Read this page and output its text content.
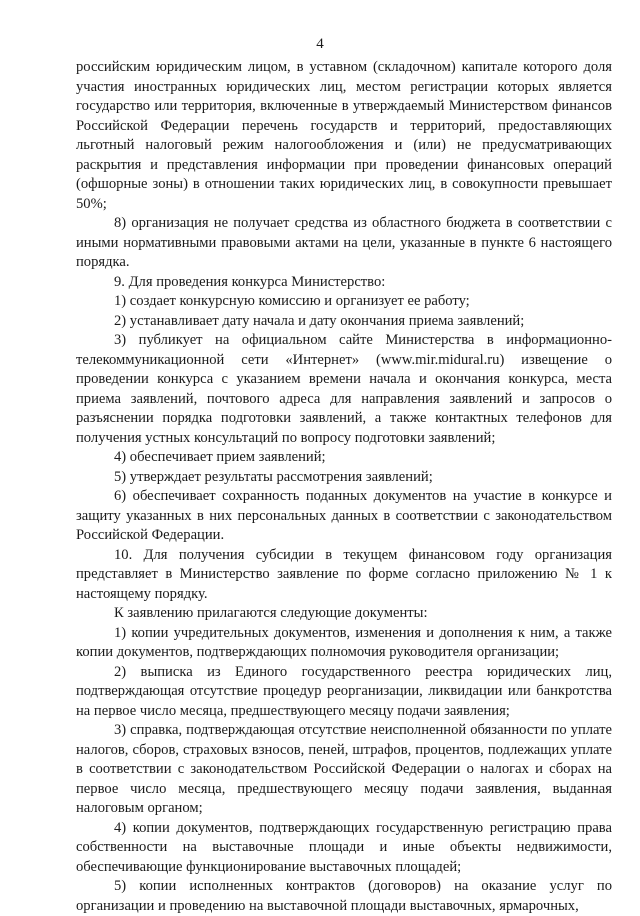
4

российским юридическим лицом, в уставном (складочном) капитале которого доля участия иностранных юридических лиц, местом регистрации которых является государство или территория, включенные в утверждаемый Министерством финансов Российской Федерации перечень государств и территорий, предоставляющих льготный налоговый режим налогообложения и (или) не предусматривающих раскрытия и представления информации при проведении финансовых операций (офшорные зоны) в отношении таких юридических лиц, в совокупности превышает 50%;

8) организация не получает средства из областного бюджета в соответствии с иными нормативными правовыми актами на цели, указанные в пункте 6 настоящего порядка.

9. Для проведения конкурса Министерство:

1) создает конкурсную комиссию и организует ее работу;

2) устанавливает дату начала и дату окончания приема заявлений;

3) публикует на официальном сайте Министерства в информационно-телекоммуникационной сети «Интернет» (www.mir.midural.ru) извещение о проведении конкурса с указанием времени начала и окончания конкурса, места приема заявлений, почтового адреса для направления заявлений и запросов о разъяснении порядка подготовки заявлений, а также контактных телефонов для получения устных консультаций по вопросу подготовки заявлений;

4) обеспечивает прием заявлений;

5) утверждает результаты рассмотрения заявлений;

6) обеспечивает сохранность поданных документов на участие в конкурсе и защиту указанных в них персональных данных в соответствии с законодательством Российской Федерации.

10. Для получения субсидии в текущем финансовом году организация представляет в Министерство заявление по форме согласно приложению № 1 к настоящему порядку.

К заявлению прилагаются следующие документы:

1) копии учредительных документов, изменения и дополнения к ним, а также копии документов, подтверждающих полномочия руководителя организации;

2) выписка из Единого государственного реестра юридических лиц, подтверждающая отсутствие процедур реорганизации, ликвидации или банкротства на первое число месяца, предшествующего месяцу подачи заявления;

3) справка, подтверждающая отсутствие неисполненной обязанности по уплате налогов, сборов, страховых взносов, пеней, штрафов, процентов, подлежащих уплате в соответствии с законодательством Российской Федерации о налогах и сборах на первое число месяца, предшествующего месяцу подачи заявления, выданная налоговым органом;

4) копии документов, подтверждающих государственную регистрацию права собственности на выставочные площади и иные объекты недвижимости, обеспечивающие функционирование выставочных площадей;

5) копии исполненных контрактов (договоров) на оказание услуг по организации и проведению на выставочной площади выставочных, ярмарочных,
